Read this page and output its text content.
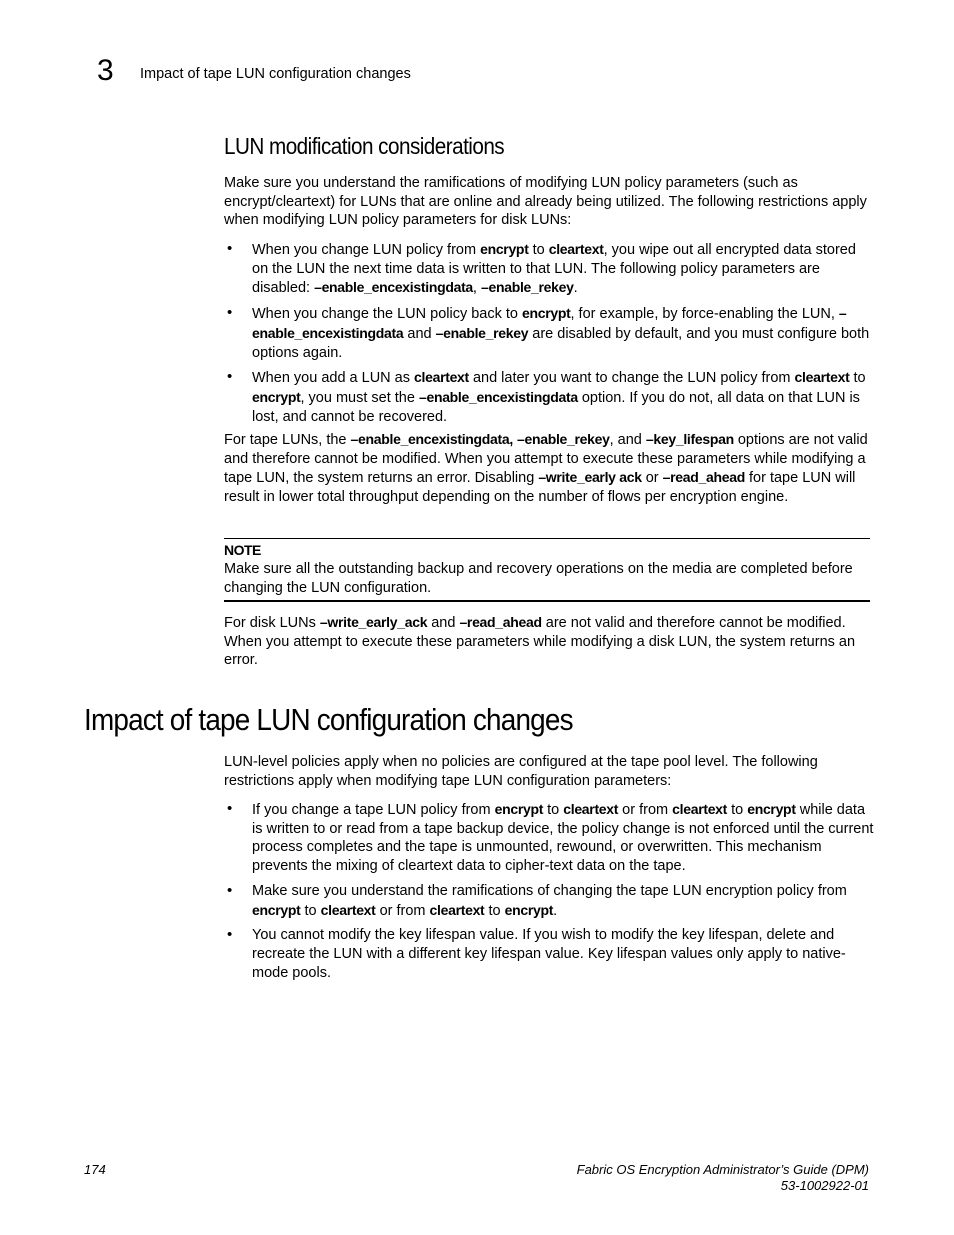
3 Impact of tape LUN configuration changes
LUN modification considerations
Make sure you understand the ramifications of modifying LUN policy parameters (such as encrypt/cleartext) for LUNs that are online and already being utilized. The following restrictions apply when modifying LUN policy parameters for disk LUNs:
• When you change LUN policy from encrypt to cleartext, you wipe out all encrypted data stored on the LUN the next time data is written to that LUN. The following policy parameters are disabled: –enable_encexistingdata, –enable_rekey.
• When you change the LUN policy back to encrypt, for example, by force-enabling the LUN, –enable_encexistingdata and –enable_rekey are disabled by default, and you must configure both options again.
• When you add a LUN as cleartext and later you want to change the LUN policy from cleartext to encrypt, you must set the –enable_encexistingdata option. If you do not, all data on that LUN is lost, and cannot be recovered.
For tape LUNs, the –enable_encexistingdata, –enable_rekey, and –key_lifespan options are not valid and therefore cannot be modified. When you attempt to execute these parameters while modifying a tape LUN, the system returns an error. Disabling –write_early ack or –read_ahead for tape LUN will result in lower total throughput depending on the number of flows per encryption engine.
NOTE
Make sure all the outstanding backup and recovery operations on the media are completed before changing the LUN configuration.
For disk LUNs –write_early_ack and –read_ahead are not valid and therefore cannot be modified. When you attempt to execute these parameters while modifying a disk LUN, the system returns an error.
Impact of tape LUN configuration changes
LUN-level policies apply when no policies are configured at the tape pool level. The following restrictions apply when modifying tape LUN configuration parameters:
• If you change a tape LUN policy from encrypt to cleartext or from cleartext to encrypt while data is written to or read from a tape backup device, the policy change is not enforced until the current process completes and the tape is unmounted, rewound, or overwritten. This mechanism prevents the mixing of cleartext data to cipher-text data on the tape.
• Make sure you understand the ramifications of changing the tape LUN encryption policy from encrypt to cleartext or from cleartext to encrypt.
• You cannot modify the key lifespan value. If you wish to modify the key lifespan, delete and recreate the LUN with a different key lifespan value. Key lifespan values only apply to native-mode pools.
174	Fabric OS Encryption Administrator’s Guide (DPM)
53-1002922-01
